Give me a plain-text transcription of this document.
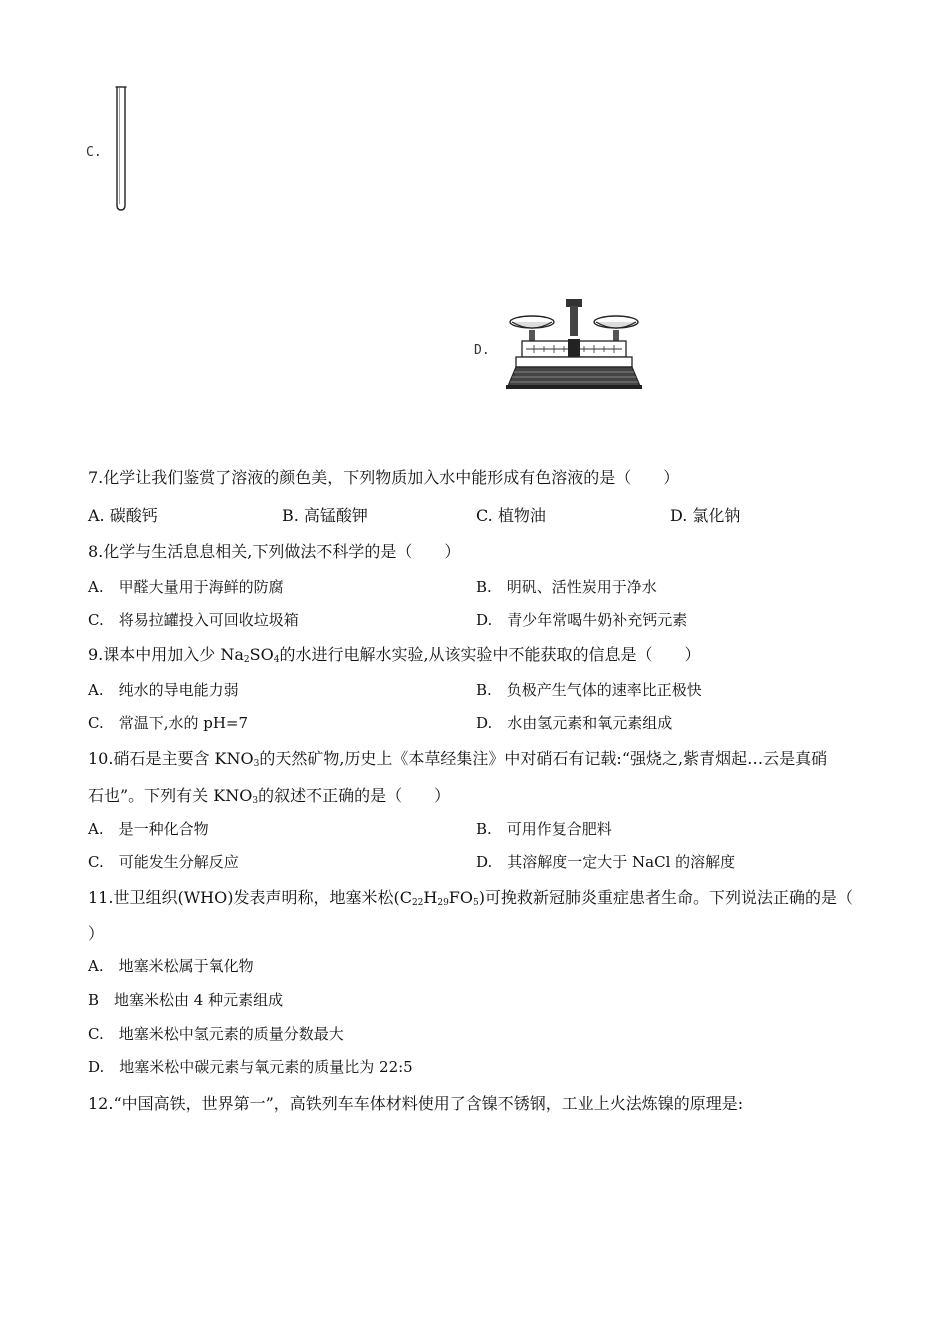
C.
D.
7.化学让我们鉴赏了溶液的颜色美，下列物质加入水中能形成有色溶液的是（　　）
A. 碳酸钙	B. 高锰酸钾	C. 植物油	D. 氯化钠
8.化学与生活息息相关,下列做法不科学的是（　　）
A.　甲醛大量用于海鲜的防腐	B.　明矾、活性炭用于净水
C.　将易拉罐投入可回收垃圾箱	D.　青少年常喝牛奶补充钙元素
9.课本中用加入少 $Na_2SO_4$的水进行电解水实验,从该实验中不能获取的信息是（　　）
A.　纯水的导电能力弱	B.　负极产生气体的速率比正极快
C.　常温下,水的 pH=7	D.　水由氢元素和氧元素组成
10.硝石是主要含 $KNO_3$的天然矿物,历史上《本草经集注》中对硝石有记载:“强烧之,紫青烟起…云是真硝
石也”。下列有关 $KNO_3$的叙述不正确的是（　　）
A.　是一种化合物	B.　可用作复合肥料
C.　可能发生分解反应	D.　其溶解度一定大于 NaCl 的溶解度
11.世卫组织(WHO)发表声明称，地塞米松$(C_{22}H_{29}FO_5)$可挽救新冠肺炎重症患者生命。下列说法正确的是（
）
A.　地塞米松属于氧化物
B　地塞米松由 4 种元素组成
C.　地塞米松中氢元素的质量分数最大
D.　地塞米松中碳元素与氧元素的质量比为 22:5
12.“中国高铁，世界第一”，高铁列车车体材料使用了含镍不锈钢，工业上火法炼镍的原理是:
